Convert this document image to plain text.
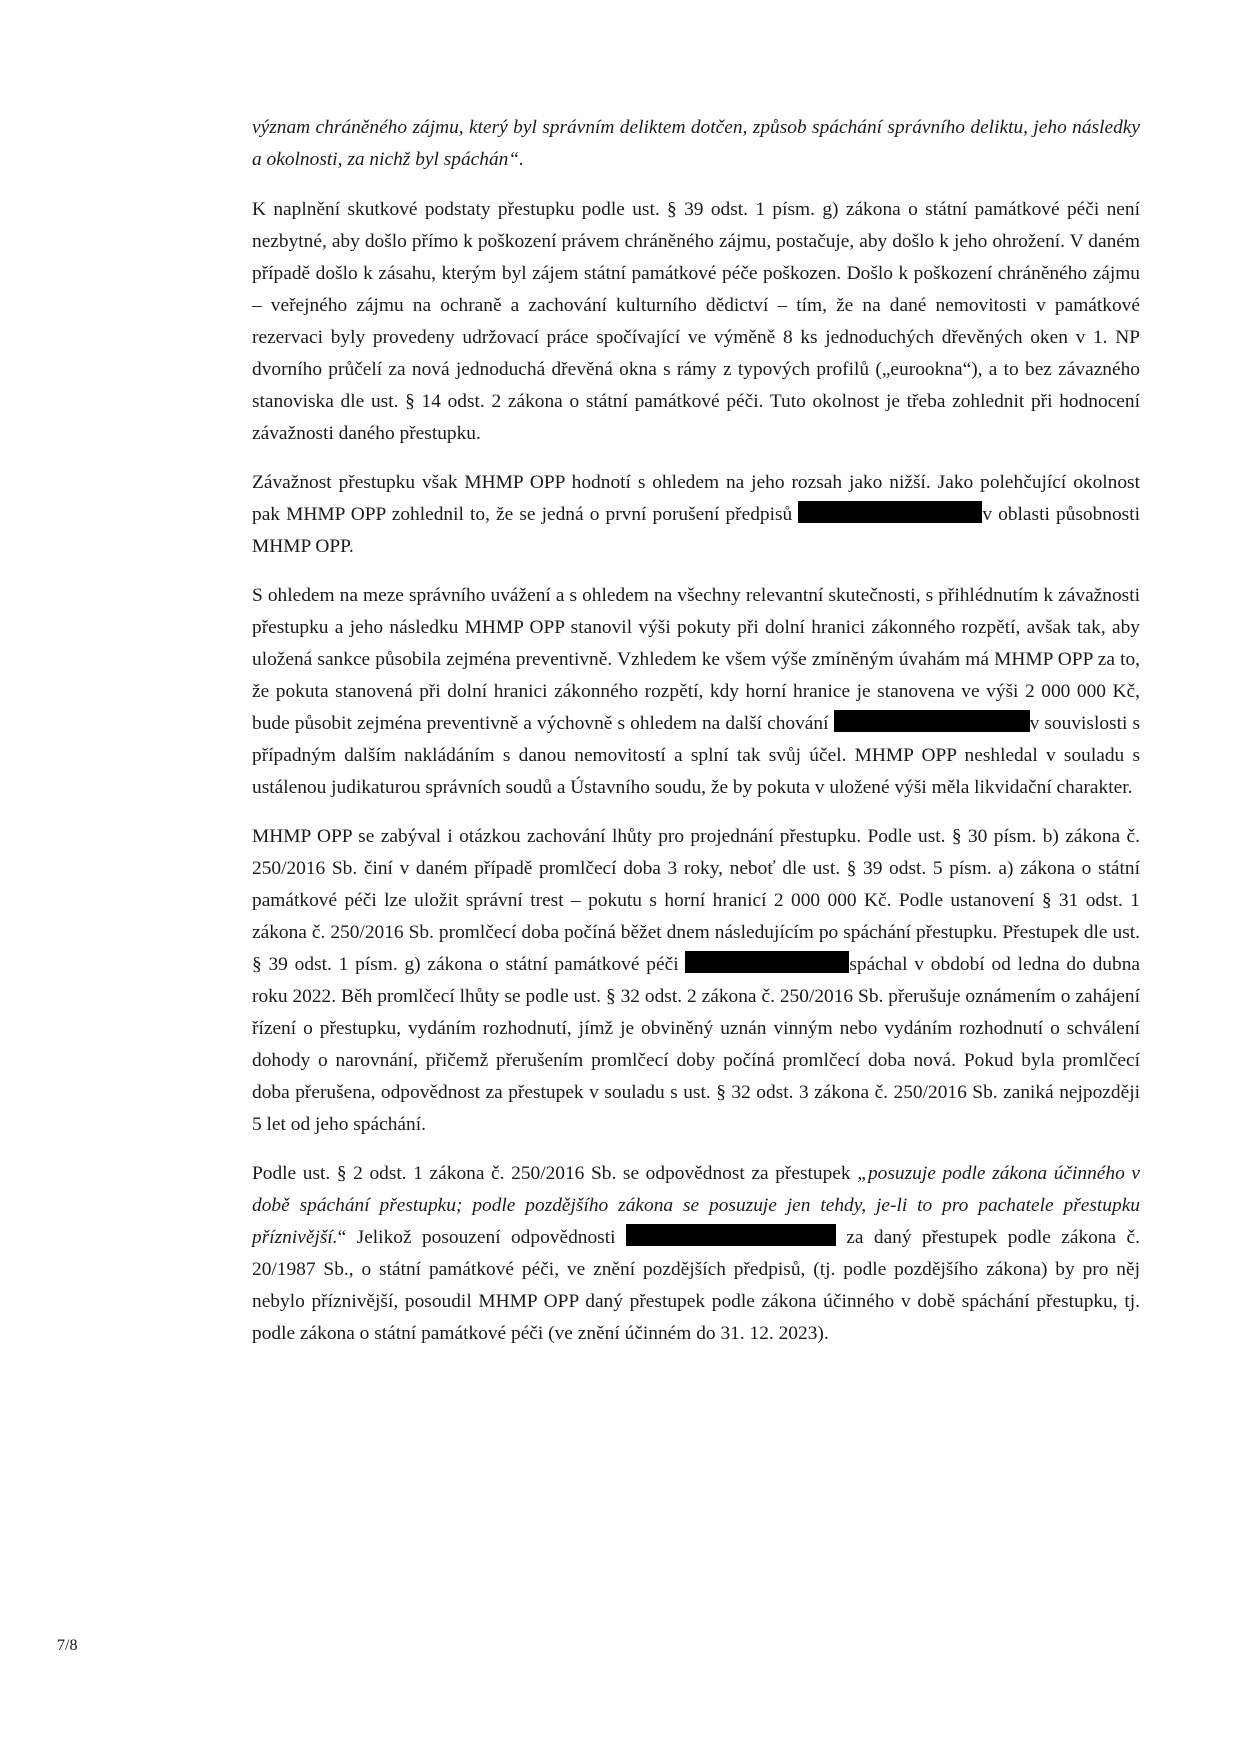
význam chráněného zájmu, který byl správním deliktem dotčen, způsob spáchání správního deliktu, jeho následky a okolnosti, za nichž byl spáchán“.

K naplnění skutkové podstaty přestupku podle ust. § 39 odst. 1 písm. g) zákona o státní památkové péči není nezbytné, aby došlo přímo k poškození právem chráněného zájmu, postačuje, aby došlo k jeho ohrožení. V daném případě došlo k zásahu, kterým byl zájem státní památkové péče poškozen. Došlo k poškození chráněného zájmu – veřejného zájmu na ochraně a zachování kulturního dědictví – tím, že na dané nemovitosti v památkové rezervaci byly provedeny udržovací práce spočívající ve výměně 8 ks jednoduchých dřevěných oken v 1. NP dvorního průčelí za nová jednoduchá dřevěná okna s rámy z typových profilů („eurookna“), a to bez závazného stanoviska dle ust. § 14 odst. 2 zákona o státní památkové péči. Tuto okolnost je třeba zohlednit při hodnocení závažnosti daného přestupku.

Závažnost přestupku však MHMP OPP hodnotí s ohledem na jeho rozsah jako nižší. Jako polehčující okolnost pak MHMP OPP zohlednil to, že se jedná o první porušení předpisů	v oblasti působnosti MHMP OPP.

S ohledem na meze správního uvážení a s ohledem na všechny relevantní skutečnosti, s přihlédnutím k závažnosti přestupku a jeho následku MHMP OPP stanovil výši pokuty při dolní hranici zákonného rozpětí, avšak tak, aby uložená sankce působila zejména preventivně. Vzhledem ke všem výše zmíněným úvahám má MHMP OPP za to, že pokuta stanovená při dolní hranici zákonného rozpětí, kdy horní hranice je stanovena ve výši 2 000 000 Kč, bude působit zejména preventivně a výchovně s ohledem na další chování	v souvislosti s případným dalším nakládáním s danou nemovitostí a splní tak svůj účel. MHMP OPP neshledal v souladu s ustálenou judikaturou správních soudů a Ústavního soudu, že by pokuta v uložené výši měla likvidační charakter.

MHMP OPP se zabýval i otázkou zachování lhůty pro projednání přestupku. Podle ust. § 30 písm. b) zákona č. 250/2016 Sb. činí v daném případě promlčecí doba 3 roky, neboť dle ust. § 39 odst. 5 písm. a) zákona o státní památkové péči lze uložit správní trest – pokutu s horní hranicí 2 000 000 Kč. Podle ustanovení § 31 odst. 1 zákona č. 250/2016 Sb. promlčecí doba počíná běžet dnem následujícím po spáchání přestupku. Přestupek dle ust. § 39 odst. 1 písm. g) zákona o státní památkové péči	spáchal v období od ledna do dubna roku 2022. Běh promlčecí lhůty se podle ust. § 32 odst. 2 zákona č. 250/2016 Sb. přerušuje oznámením o zahájení řízení o přestupku, vydáním rozhodnutí, jímž je obviněný uznán vinným nebo vydáním rozhodnutí o schválení dohody o narovnání, přičemž přerušením promlčecí doby počíná promlčecí doba nová. Pokud byla promlčecí doba přerušena, odpovědnost za přestupek v souladu s ust. § 32 odst. 3 zákona č. 250/2016 Sb. zaniká nejpozději 5 let od jeho spáchání.

Podle ust. § 2 odst. 1 zákona č. 250/2016 Sb. se odpovědnost za přestupek „posuzuje podle zákona účinného v době spáchání přestupku; podle pozdějšího zákona se posuzuje jen tehdy, je-li to pro pachatele přestupku příznivější.“ Jelikož posouzení odpovědnosti	za daný přestupek podle zákona č. 20/1987 Sb., o státní památkové péči, ve znění pozdějších předpisů, (tj. podle pozdějšího zákona) by pro něj nebylo příznivější, posoudil MHMP OPP daný přestupek podle zákona účinného v době spáchání přestupku, tj. podle zákona o státní památkové péči (ve znění účinném do 31. 12. 2023).

7/8
